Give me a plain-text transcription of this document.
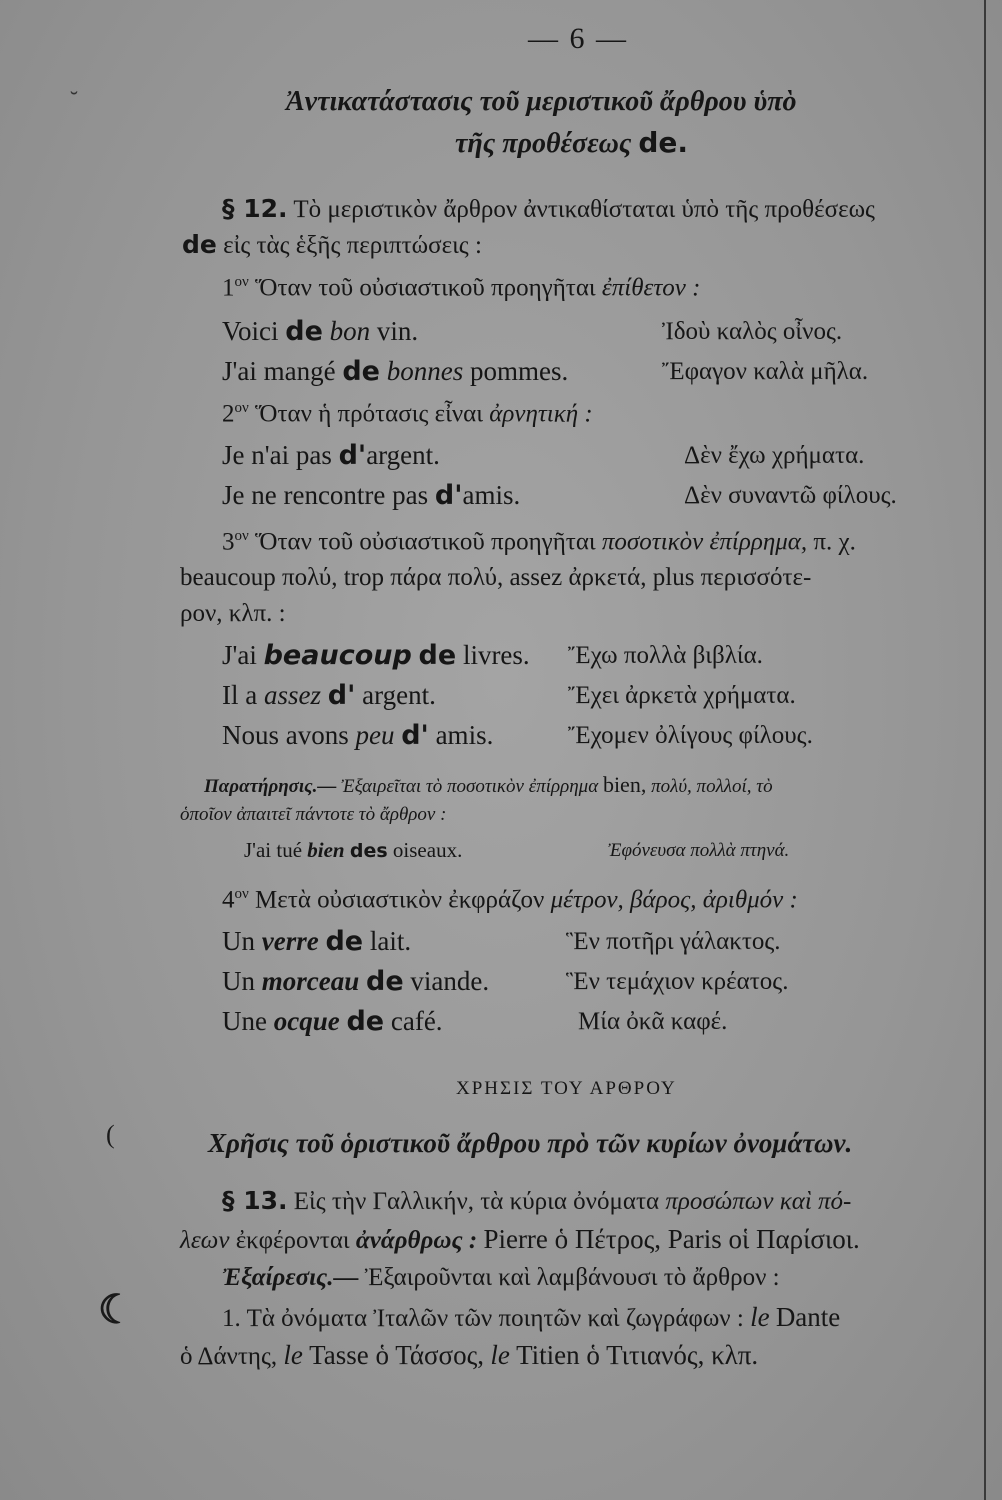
— 6 —
˘	Ἀντικατάστασις τοῦ μεριστικοῦ ἄρθρου ὑπὸ
τῆς προθέσεως de.
§ 12. Τὸ μεριστικὸν ἄρθρον ἀντικαθίσταται ὑπὸ τῆς προθέσεως
de εἰς τὰς ἑξῆς περιπτώσεις :
$1^{o\nu}$ Ὅταν τοῦ οὐσιαστικοῦ προηγῆται ἐπίθετον :
Voici de bon vin.	Ἰδοὺ καλὸς οἶνος.
J'ai mangé de bonnes pommes.	Ἔφαγον καλὰ μῆλα.
$2^{o\nu}$ Ὅταν ἡ πρότασις εἶναι ἀρνητική :
Je n'ai pas d'argent.	Δὲν ἔχω χρήματα.
Je ne rencontre pas d'amis.	Δὲν συναντῶ φίλους.
$3^{o\nu}$ Ὅταν τοῦ οὐσιαστικοῦ προηγῆται ποσοτικὸν ἐπίρρημα, π. χ.
beaucoup πολύ, trop πάρα πολύ, assez ἀρκετά, plus περισσότε-
ρον, κλπ. :
J'ai beaucoup de livres. Ἔχω πολλὰ βιβλία.
Il a assez d' argent.	Ἔχει ἀρκετὰ χρήματα.
Nous avons peu d' amis.	Ἔχομεν ὀλίγους φίλους.
Παρατήρησις.— Ἐξαιρεῖται τὸ ποσοτικὸν ἐπίρρημα bien, πολύ, πολλοί, τὸ
ὁποῖον ἀπαιτεῖ πάντοτε τὸ ἄρθρον :
J'ai tué bien des oiseaux.	Ἐφόνευσα πολλὰ πτηνά.
$4^{o\nu}$ Μετὰ οὐσιαστικὸν ἐκφράζον μέτρον, βάρος, ἀριθμόν :
Un verre de lait.	Ἓν ποτῆρι γάλακτος.
Un morceau de viande.	Ἓν τεμάχιον κρέατος.
Une ocque de café.	Μία ὀκᾶ καφέ.
ΧΡΗΣΙΣ ΤΟΥ ΑΡΘΡΟΥ
(	Χρῆσις τοῦ ὁριστικοῦ ἄρθρου πρὸ τῶν κυρίων ὀνομάτων.
§ 13. Εἰς τὴν Γαλλικήν, τὰ κύρια ὀνόματα προσώπων καὶ πό-
λεων ἐκφέρονται ἀνάρθρως : Pierre ὁ Πέτρος, Paris οἱ Παρίσιοι.
Ἐξαίρεσις.— Ἐξαιροῦνται καὶ λαμβάνουσι τὸ ἄρθρον :
☾	1. Τὰ ὀνόματα Ἰταλῶν τῶν ποιητῶν καὶ ζωγράφων : le Dante
ὁ Δάντης, le Tasse ὁ Τάσσος, le Titien ὁ Τιτιανός, κλπ.
